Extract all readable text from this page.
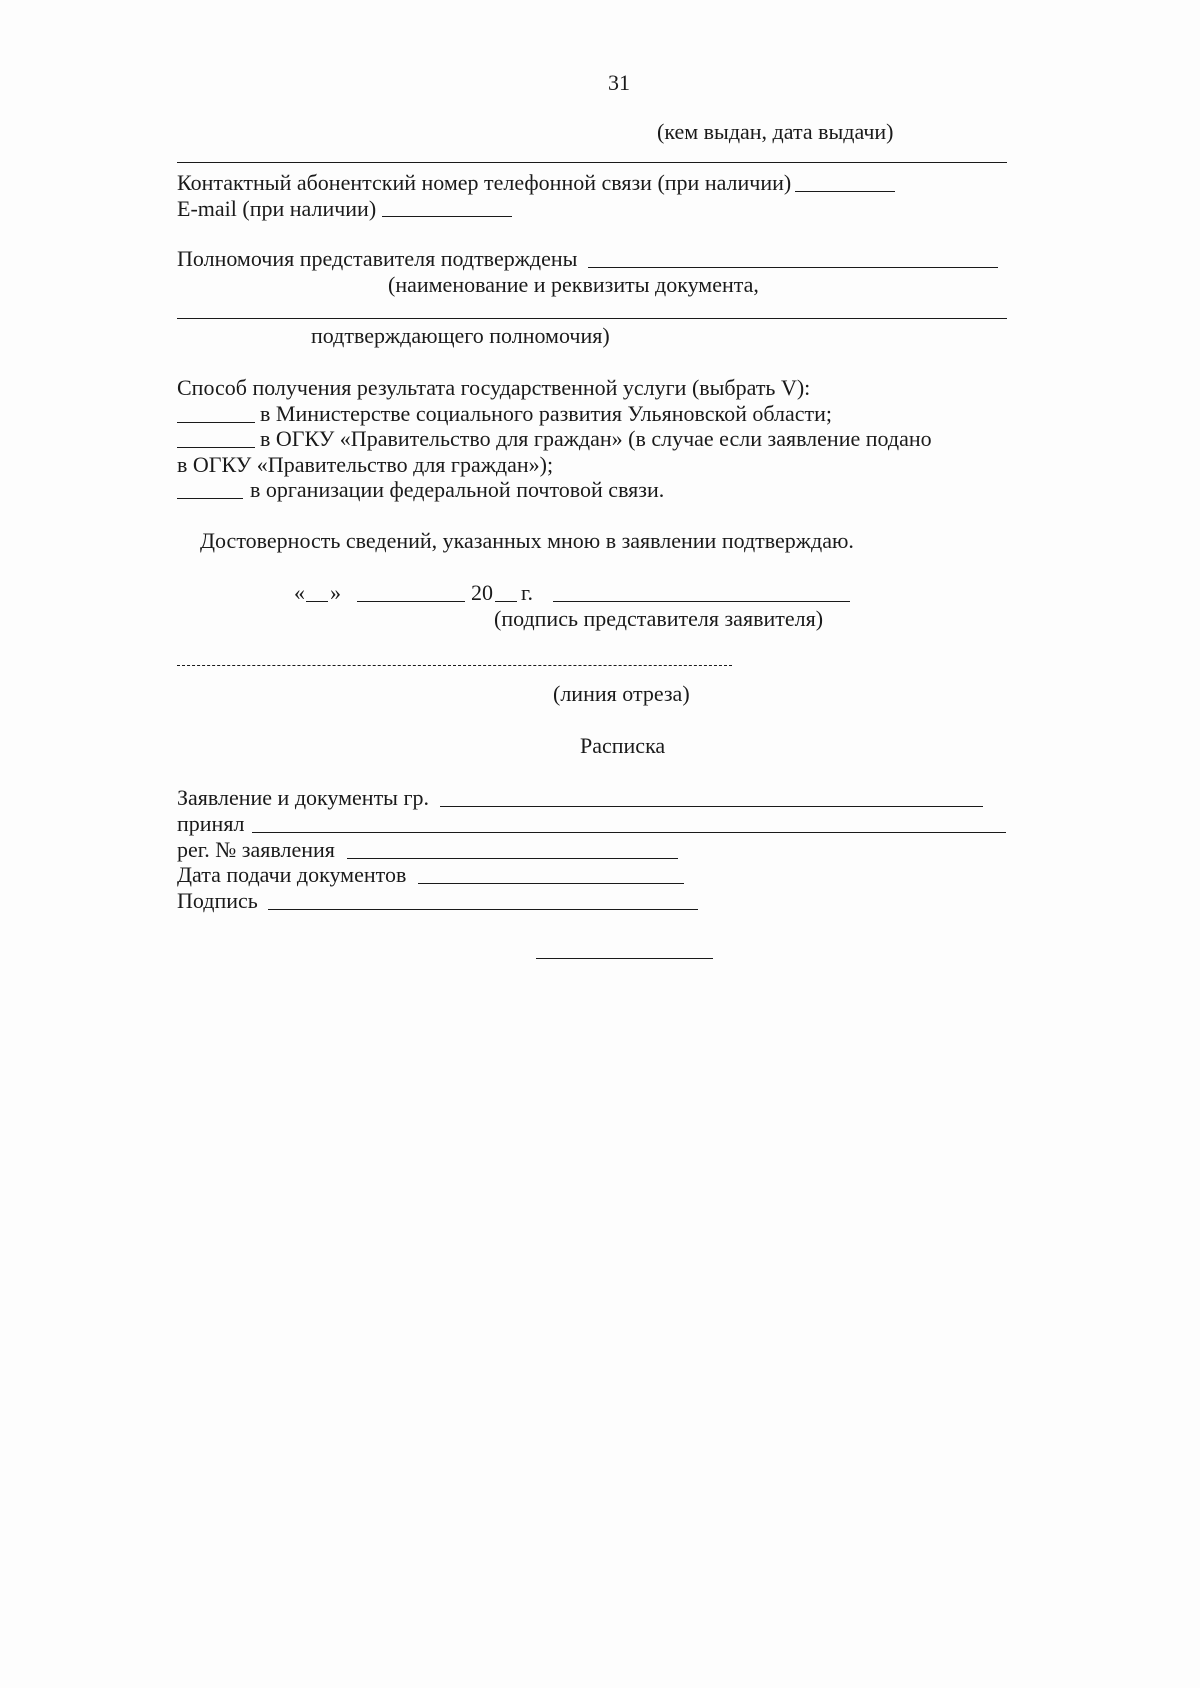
31
(кем выдан, дата выдачи)
Контактный абонентский номер телефонной связи (при наличии)
E-mail (при наличии)
Полномочия представителя подтверждены
(наименование и реквизиты документа,
подтверждающего полномочия)
Способ получения результата государственной услуги (выбрать V):
в Министерстве социального развития Ульяновской области;
в ОГКУ «Правительство для граждан» (в случае если заявление подано
в ОГКУ «Правительство для граждан»);
в организации федеральной почтовой связи.
Достоверность сведений, указанных мною в заявлении подтверждаю.
« »	20 г.
(подпись представителя заявителя)
(линия отреза)
Расписка
Заявление и документы гр.
принял
рег. № заявления
Дата подачи документов
Подпись
